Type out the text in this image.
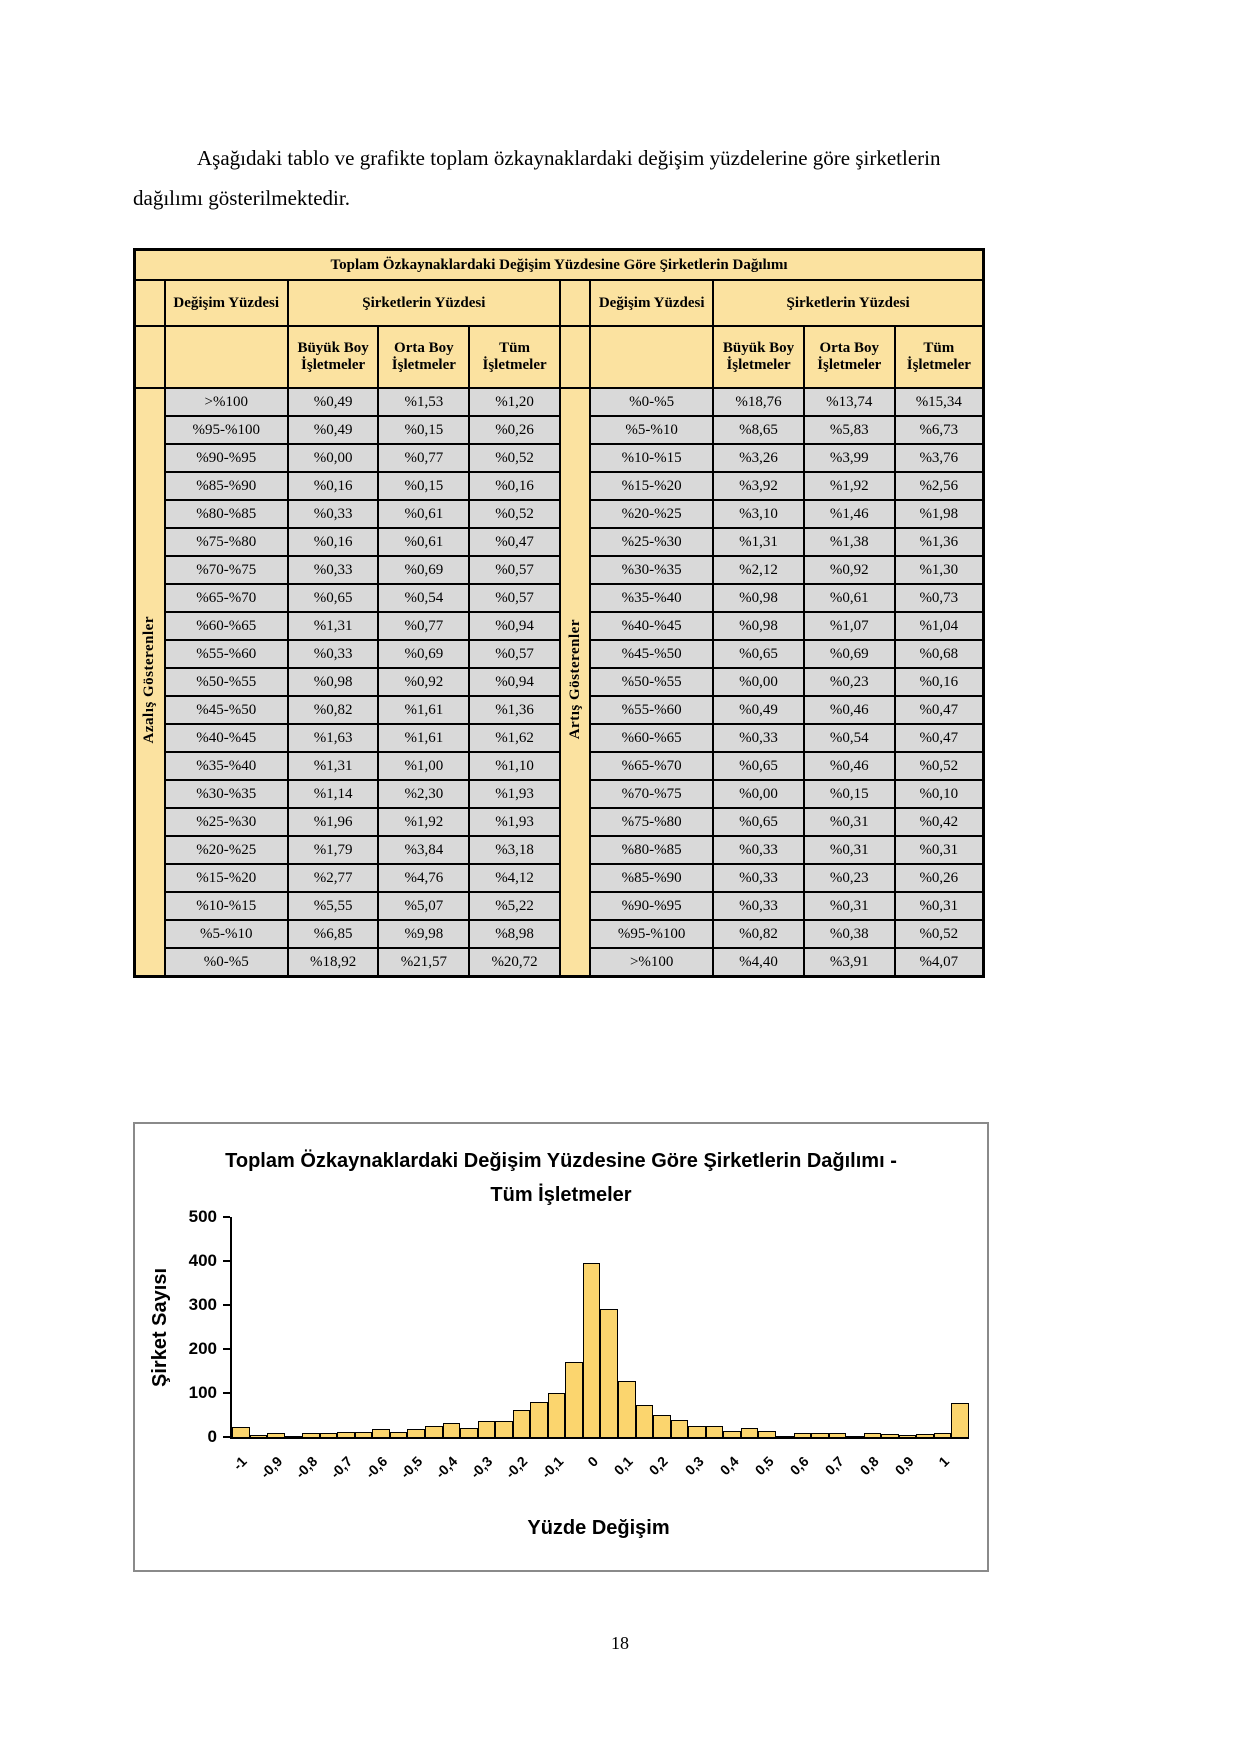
Aşağıdaki tablo ve grafikte toplam özkaynaklardaki değişim yüzdelerine göre şirketlerin
dağılımı gösterilmektedir.

Toplam Özkaynaklardaki Değişim Yüzdesine Göre Şirketlerin Dağılımı									
	Değişim Yüzdesi	Şirketlerin Yüzdesi				Değişim Yüzdesi	Şirketlerin Yüzdesi		
		Büyük Boy İşletmeler	Orta Boy İşletmeler	Tüm İşletmeler			Büyük Boy İşletmeler	Orta Boy İşletmeler	Tüm İşletmeler
Azalış Gösterenler	>%100	%0,49	%1,53	%1,20	Artış Gösterenler	%0-%5	%18,76	%13,74	%15,34
	%95-%100	%0,49	%0,15	%0,26		%5-%10	%8,65	%5,83	%6,73
	%90-%95	%0,00	%0,77	%0,52		%10-%15	%3,26	%3,99	%3,76
	%85-%90	%0,16	%0,15	%0,16		%15-%20	%3,92	%1,92	%2,56
	%80-%85	%0,33	%0,61	%0,52		%20-%25	%3,10	%1,46	%1,98
	%75-%80	%0,16	%0,61	%0,47		%25-%30	%1,31	%1,38	%1,36
	%70-%75	%0,33	%0,69	%0,57		%30-%35	%2,12	%0,92	%1,30
	%65-%70	%0,65	%0,54	%0,57		%35-%40	%0,98	%0,61	%0,73
	%60-%65	%1,31	%0,77	%0,94		%40-%45	%0,98	%1,07	%1,04
	%55-%60	%0,33	%0,69	%0,57		%45-%50	%0,65	%0,69	%0,68
	%50-%55	%0,98	%0,92	%0,94		%50-%55	%0,00	%0,23	%0,16
	%45-%50	%0,82	%1,61	%1,36		%55-%60	%0,49	%0,46	%0,47
	%40-%45	%1,63	%1,61	%1,62		%60-%65	%0,33	%0,54	%0,47
	%35-%40	%1,31	%1,00	%1,10		%65-%70	%0,65	%0,46	%0,52
	%30-%35	%1,14	%2,30	%1,93		%70-%75	%0,00	%0,15	%0,10
	%25-%30	%1,96	%1,92	%1,93		%75-%80	%0,65	%0,31	%0,42
	%20-%25	%1,79	%3,84	%3,18		%80-%85	%0,33	%0,31	%0,31
	%15-%20	%2,77	%4,76	%4,12		%85-%90	%0,33	%0,23	%0,26
	%10-%15	%5,55	%5,07	%5,22		%90-%95	%0,33	%0,31	%0,31
	%5-%10	%6,85	%9,98	%8,98		%95-%100	%0,82	%0,38	%0,52
	%0-%5	%18,92	%21,57	%20,72		>%100	%4,40	%3,91	%4,07
Toplam Özkaynaklardaki Değişim Yüzdesine Göre Şirketlerin Dağılımı -
Tüm İşletmeler
Şirket Sayısı
0
100
200
300
400
500
-1 -0,9 -0,8 -0,7 -0,6 -0,5 -0,4 -0,3 -0,2 -0,1 0 0,1 0,2 0,3 0,4 0,5 0,6 0,7 0,8 0,9 1
Yüzde Değişim
18
